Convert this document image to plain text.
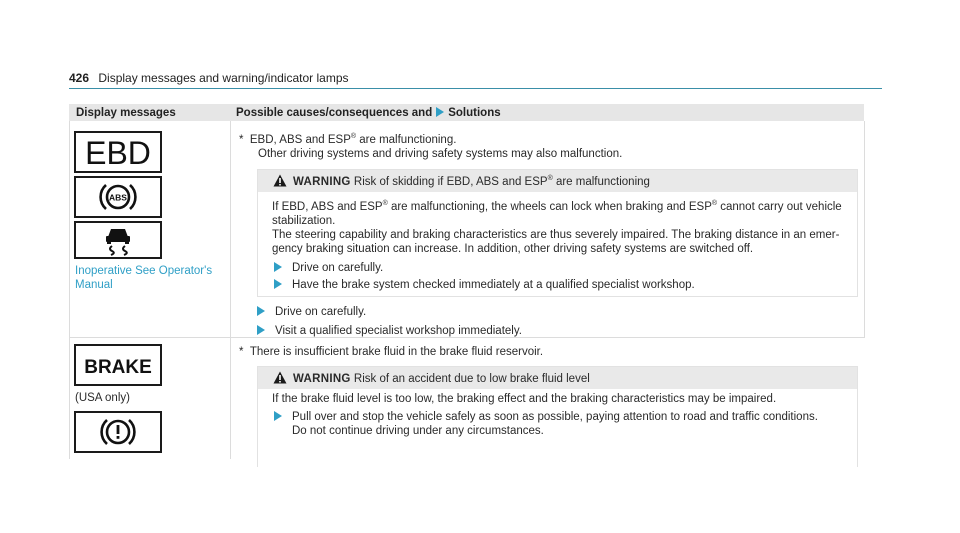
426 Display messages and warning/indicator lamps
Display messages	Possible causes/consequences and Solutions
EBD
ABS
Inoperative See Operator's
Manual
* EBD, ABS and ESP® are malfunctioning.
Other driving systems and driving safety systems may also malfunction.
WARNING Risk of skidding if EBD, ABS and ESP® are malfunctioning
If EBD, ABS and ESP® are malfunctioning, the wheels can lock when braking and ESP® cannot carry out vehicle
stabilization.
The steering capability and braking characteristics are thus severely impaired. The braking distance in an emer-
gency braking situation can increase. In addition, other driving safety systems are switched off.
Drive on carefully.
Have the brake system checked immediately at a qualified specialist workshop.
Drive on carefully.
Visit a qualified specialist workshop immediately.
BRAKE
(USA only)
* There is insufficient brake fluid in the brake fluid reservoir.
WARNING Risk of an accident due to low brake fluid level
If the brake fluid level is too low, the braking effect and the braking characteristics may be impaired.
Pull over and stop the vehicle safely as soon as possible, paying attention to road and traffic conditions.
Do not continue driving under any circumstances.
